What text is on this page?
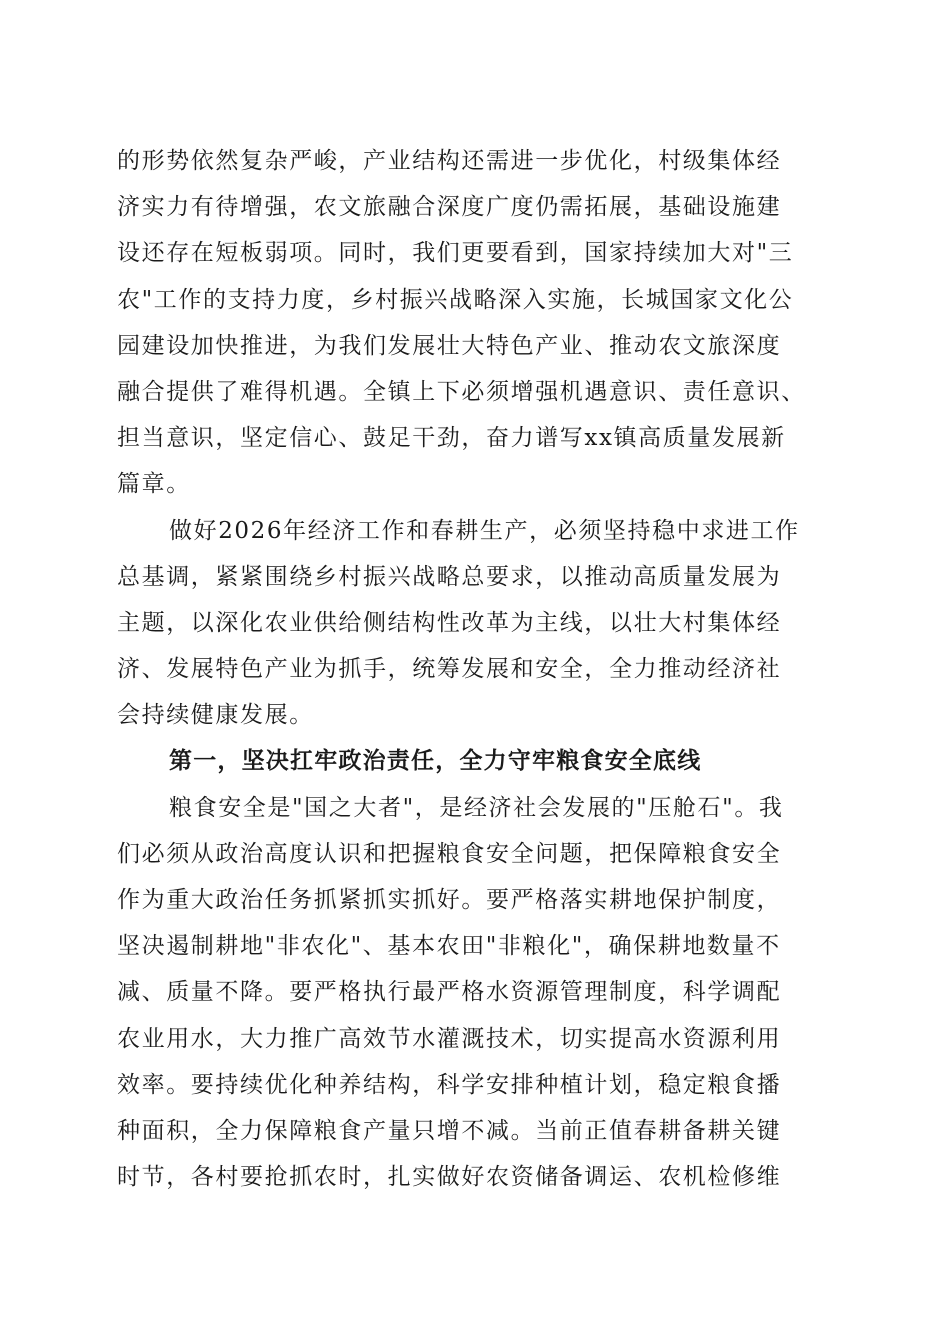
的形势依然复杂严峻，产业结构还需进一步优化，村级集体经
济实力有待增强，农文旅融合深度广度仍需拓展，基础设施建
设还存在短板弱项。同时，我们更要看到，国家持续加大对"三
农"工作的支持力度，乡村振兴战略深入实施，长城国家文化公
园建设加快推进，为我们发展壮大特色产业、推动农文旅深度
融合提供了难得机遇。全镇上下必须增强机遇意识、责任意识、
担当意识，坚定信心、鼓足干劲，奋力谱写xx镇高质量发展新
篇章。
做好2026年经济工作和春耕生产，必须坚持稳中求进工作
总基调，紧紧围绕乡村振兴战略总要求，以推动高质量发展为
主题，以深化农业供给侧结构性改革为主线，以壮大村集体经
济、发展特色产业为抓手，统筹发展和安全，全力推动经济社
会持续健康发展。
第一，坚决扛牢政治责任，全力守牢粮食安全底线
粮食安全是"国之大者"，是经济社会发展的"压舱石"。我
们必须从政治高度认识和把握粮食安全问题，把保障粮食安全
作为重大政治任务抓紧抓实抓好。要严格落实耕地保护制度，
坚决遏制耕地"非农化"、基本农田"非粮化"，确保耕地数量不
减、质量不降。要严格执行最严格水资源管理制度，科学调配
农业用水，大力推广高效节水灌溉技术，切实提高水资源利用
效率。要持续优化种养结构，科学安排种植计划，稳定粮食播
种面积，全力保障粮食产量只增不减。当前正值春耕备耕关键
时节，各村要抢抓农时，扎实做好农资储备调运、农机检修维
